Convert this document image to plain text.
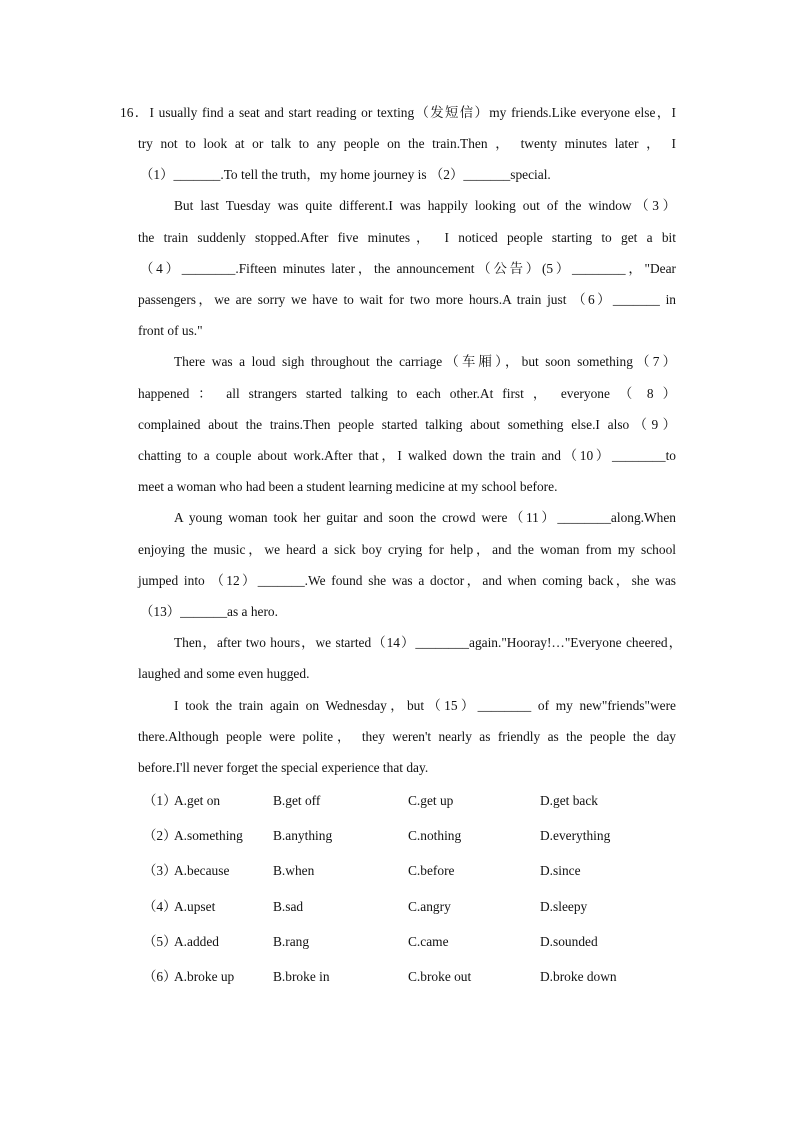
16．I usually find a seat and start reading or texting（发短信）my friends.Like everyone else，I
try not to look at or talk to any people on the train.Then ， twenty minutes later ， I
（1）_______.To tell the truth，my home journey is （2）_______special.
But last Tuesday was quite different.I was happily looking out of the window（3）
the train suddenly stopped.After five minutes， I noticed people starting to get a bit
（4）________.Fifteen minutes later，the announcement（公告）(5）________，"Dear
passengers，we are sorry we have to wait for two more hours.A train just （6）_______ in
front of us."
There was a loud sigh throughout the carriage（车厢），but soon something（7）
happened ： all strangers started talking to each other.At first ， everyone （ 8 ）
complained about the trains.Then people started talking about something else.I also（9）
chatting to a couple about work.After that，I walked down the train and（10）________to
meet a woman who had been a student learning medicine at my school before.
A young woman took her guitar and soon the crowd were（11）________along.When
enjoying the music，we heard a sick boy crying for help，and the woman from my school
jumped into （12）_______.We found she was a doctor，and when coming back，she was
（13）_______as a hero.
Then，after two hours，we started（14）________again."Hooray!…"Everyone cheered，
laughed and some even hugged.
I took the train again on Wednesday，but（15）________ of my new"friends"were
there.Although people were polite， they weren't nearly as friendly as the people the day
before.I'll never forget the special experience that day.
（1）
A.get on	B.get off	C.get up	D.get back
（2）
A.something B.anything	C.nothing	D.everything
（3）
A.because	B.when	C.before	D.since
（4）
A.upset	B.sad	C.angry	D.sleepy
（5）
A.added	B.rang	C.came	D.sounded
（6）
A.broke up	B.broke in	C.broke out	D.broke down
